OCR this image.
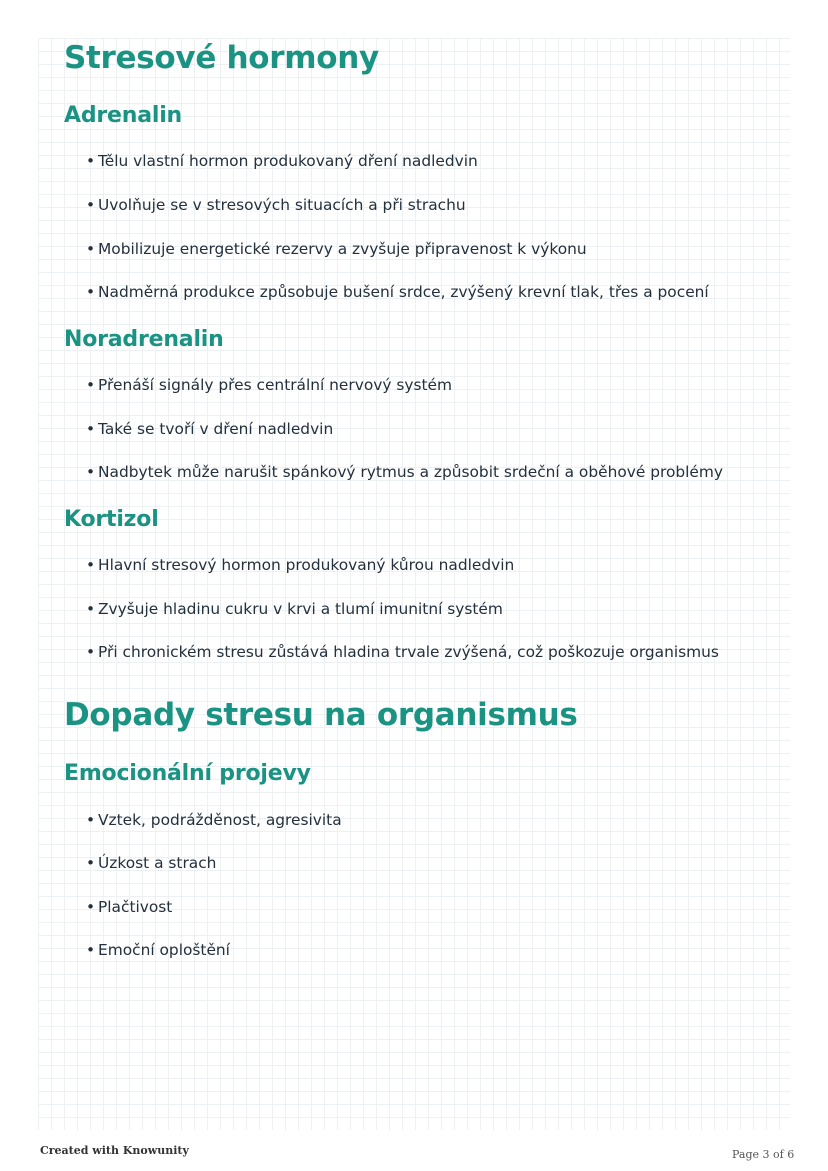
Stresové hormony
Adrenalin
• Tělu vlastní hormon produkovaný dření nadledvin
• Uvolňuje se v stresových situacích a při strachu
• Mobilizuje energetické rezervy a zvyšuje připravenost k výkonu
• Nadměrná produkce způsobuje bušení srdce, zvýšený krevní tlak, třes a pocení
Noradrenalin
• Přenáší signály přes centrální nervový systém
• Také se tvoří v dření nadledvin
• Nadbytek může narušit spánkový rytmus a způsobit srdeční a oběhové problémy
Kortizol
• Hlavní stresový hormon produkovaný kůrou nadledvin
• Zvyšuje hladinu cukru v krvi a tlumí imunitní systém
• Při chronickém stresu zůstává hladina trvale zvýšená, což poškozuje organismus
Dopady stresu na organismus
Emocionální projevy
• Vztek, podrážděnost, agresivita
• Úzkost a strach
• Plačtivost
• Emoční oploštění
Created with Knowunity	Page 3 of 6
